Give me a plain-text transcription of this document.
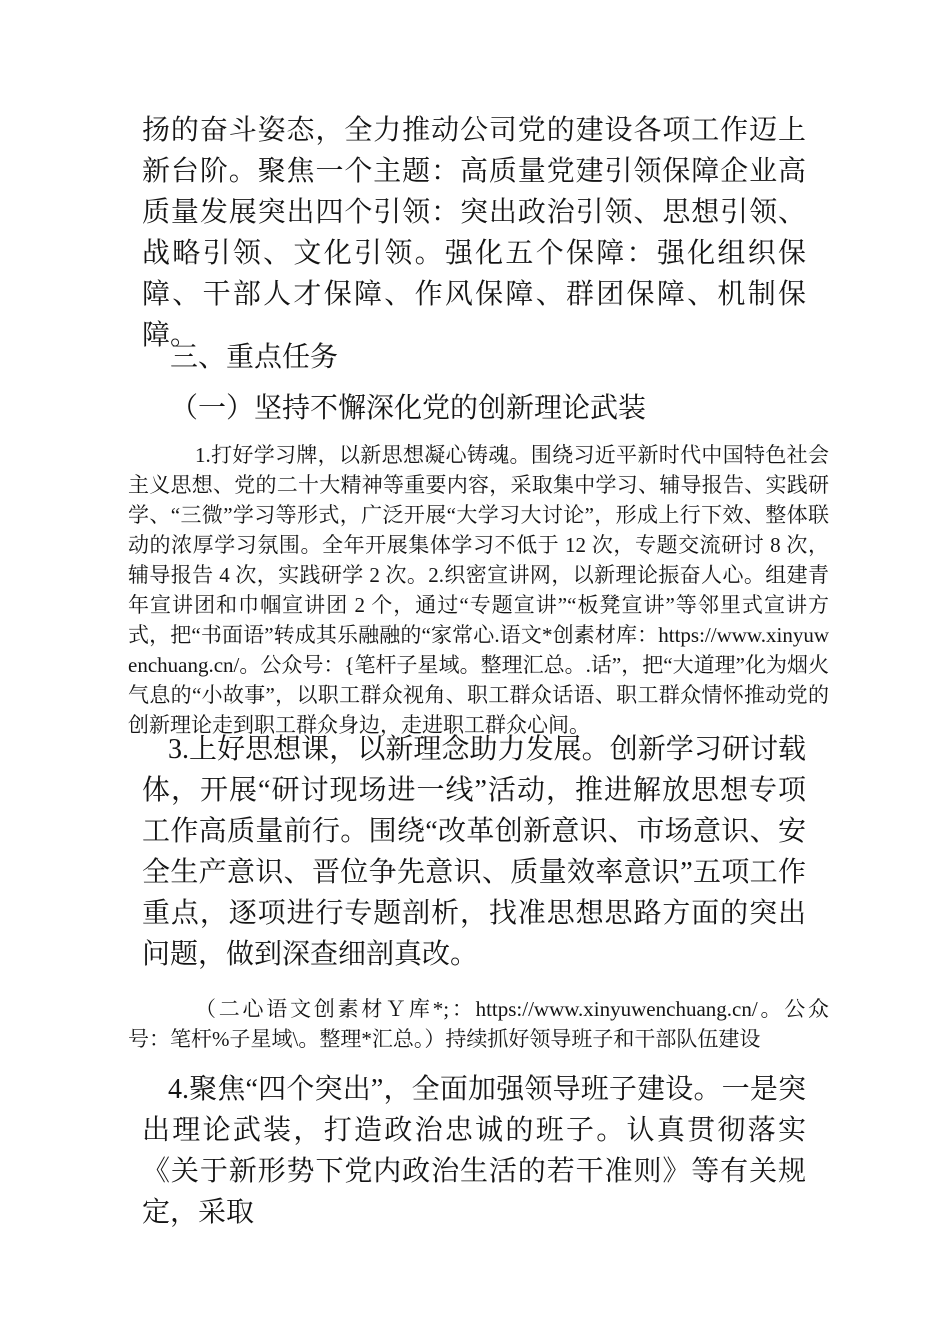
扬的奋斗姿态，全力推动公司党的建设各项工作迈上新台阶。聚焦一个主题：高质量党建引领保障企业高质量发展突出四个引领：突出政治引领、思想引领、战略引领、文化引领。强化五个保障：强化组织保障、干部人才保障、作风保障、群团保障、机制保障。

三、重点任务

（一）坚持不懈深化党的创新理论武装

1.打好学习牌，以新思想凝心铸魂。围绕习近平新时代中国特色社会主义思想、党的二十大精神等重要内容，采取集中学习、辅导报告、实践研学、“三微”学习等形式，广泛开展“大学习大讨论”，形成上行下效、整体联动的浓厚学习氛围。全年开展集体学习不低于 12 次，专题交流研讨 8 次，辅导报告 4 次，实践研学 2 次。2.织密宣讲网，以新理论振奋人心。组建青年宣讲团和巾帼宣讲团 2 个，通过“专题宣讲”“板凳宣讲”等邻里式宣讲方式，把“书面语”转成其乐融融的“家常心.语文*创素材库：https://www.xinyuwenchuang.cn/。公众号：{笔杆子星域。整理汇总。.话”，把“大道理”化为烟火气息的“小故事”，以职工群众视角、职工群众话语、职工群众情怀推动党的创新理论走到职工群众身边，走进职工群众心间。

3.上好思想课，以新理念助力发展。创新学习研讨载体，开展“研讨现场进一线”活动，推进解放思想专项工作高质量前行。围绕“改革创新意识、市场意识、安全生产意识、晋位争先意识、质量效率意识”五项工作重点，逐项进行专题剖析，找准思想思路方面的突出问题，做到深查细剖真改。

（二心语文创素材Ｙ库*;：https://www.xinyuwenchuang.cn/。公众号：笔杆%子星域\。整理*汇总。）持续抓好领导班子和干部队伍建设

4.聚焦“四个突出”，全面加强领导班子建设。一是突出理论武装，打造政治忠诚的班子。认真贯彻落实《关于新形势下党内政治生活的若干准则》等有关规定，采取
